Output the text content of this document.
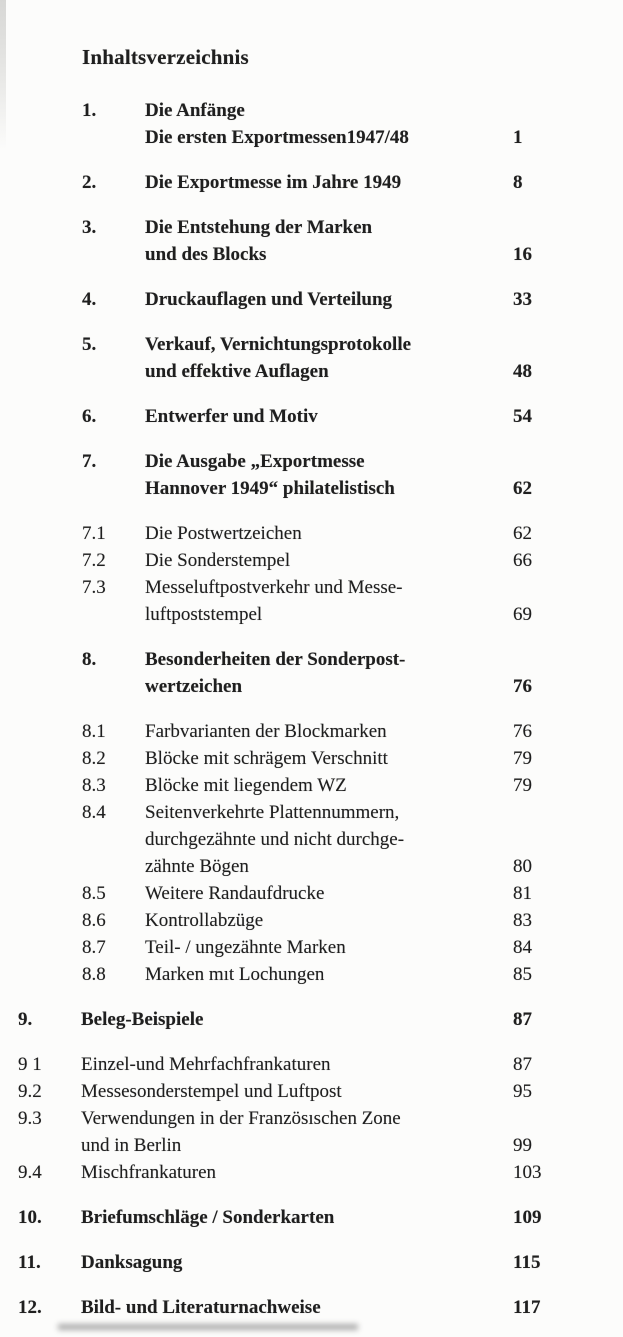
Inhaltsverzeichnis
1.	Die Anfänge
Die ersten Exportmessen1947/48	1
2.	Die Exportmesse im Jahre 1949	8
3.	Die Entstehung der Marken
und des Blocks	16
4.	Druckauflagen und Verteilung	33
5.	Verkauf, Vernichtungsprotokolle
und effektive Auflagen	48
6.	Entwerfer und Motiv	54
7.	Die Ausgabe „Exportmesse
Hannover 1949“ philatelistisch	62
7.1	Die Postwertzeichen	62
7.2	Die Sonderstempel	66
7.3	Messeluftpostverkehr und Messe-
luftpoststempel	69
8.	Besonderheiten der Sonderpost-
wertzeichen	76
8.1	Farbvarianten der Blockmarken	76
8.2	Blöcke mit schrägem Verschnitt	79
8.3	Blöcke mit liegendem WZ	79
8.4	Seitenverkehrte Plattennummern,
durchgezähnte und nicht durchge-
zähnte Bögen	80
8.5	Weitere Randaufdrucke	81
8.6	Kontrollabzüge	83
8.7	Teil- / ungezähnte Marken	84
8.8	Marken mıt Lochungen	85
9.	Beleg-Beispiele	87
9 1	Einzel-und Mehrfachfrankaturen	87
9.2	Messesonderstempel und Luftpost	95
9.3	Verwendungen in der Französıschen Zone
und in Berlin	99
9.4	Mischfrankaturen	103
10.	Briefumschläge / Sonderkarten	109
11.	Danksagung	115
12.	Bild- und Literaturnachweise	117
